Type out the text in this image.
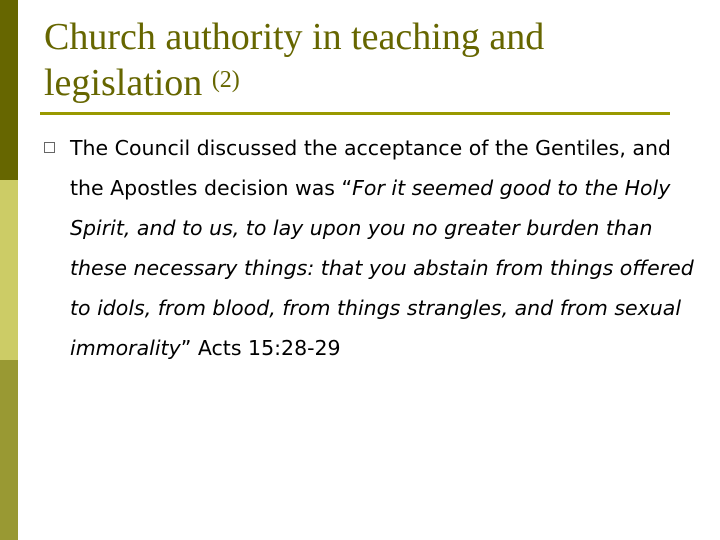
Church authority in teaching and legislation $^{(2)}$
The Council discussed the acceptance of the Gentiles, and the Apostles decision was “For it seemed good to the Holy Spirit, and to us, to lay upon you no greater burden than these necessary things: that you abstain from things offered to idols, from blood, from things strangles, and from sexual immorality” Acts 15:28-29
